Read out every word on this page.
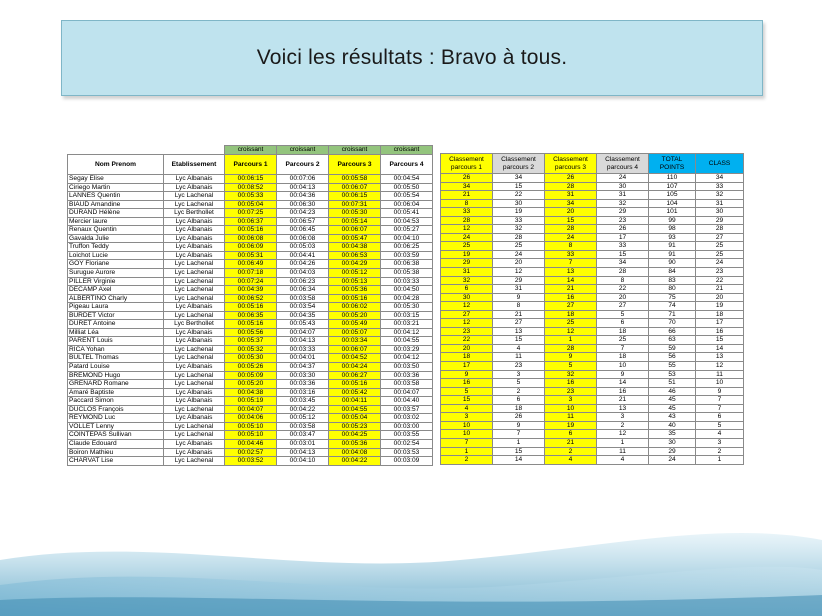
Voici les résultats : Bravo à tous.
		croissant	croissant	croissant	croissant
Nom Prenom	Etablissement	Parcours 1	Parcours 2	Parcours 3	Parcours 4
Segay Elise	Lyc Albanais	00:06:15	00:07:06	00:05:58	00:04:54
Ciriego Martin	Lyc Albanais	00:08:52	00:04:13	00:06:07	00:05:50
LANNES Quentin	Lyc Lachenal	00:05:33	00:04:36	00:06:15	00:05:54
BIAUD Amandine	Lyc Lachenal	00:05:04	00:06:30	00:07:31	00:06:04
DURAND Hélène	Lyc Berthollet	00:07:25	00:04:23	00:05:30	00:05:41
Mercier laure	Lyc Albanais	00:06:37	00:06:57	00:05:14	00:04:53
Renaux Quentin	Lyc Albanais	00:05:16	00:06:45	00:06:07	00:05:27
Gavalda Julie	Lyc Albanais	00:06:08	00:06:08	00:05:47	00:04:10
Truffon Teddy	Lyc Albanais	00:06:09	00:05:03	00:04:38	00:06:25
Loichot Lucie	Lyc Albanais	00:05:31	00:04:41	00:06:53	00:03:59
GOY Floriane	Lyc Lachenal	00:06:49	00:04:26	00:04:29	00:06:38
Surugue Aurore	Lyc Lachenal	00:07:18	00:04:03	00:05:12	00:05:38
PILLER Virginie	Lyc Lachenal	00:07:24	00:06:23	00:05:13	00:03:33
DECAMP Axel	Lyc Lachenal	00:04:39	00:06:34	00:05:36	00:04:50
ALBERTINO Charly	Lyc Lachenal	00:06:52	00:03:58	00:05:16	00:04:28
Pigeau Laura	Lyc Albanais	00:05:16	00:03:54	00:06:02	00:05:30
BURDET Victor	Lyc Lachenal	00:06:35	00:04:35	00:05:20	00:03:15
DURET Antoine	Lyc Berthollet	00:05:16	00:05:43	00:05:49	00:03:21
Milliat Léa	Lyc Albanais	00:05:56	00:04:07	00:05:07	00:04:12
PARENT Louis	Lyc Albanais	00:05:37	00:04:13	00:03:34	00:04:55
RICA Yohan	Lyc Lachenal	00:05:32	00:03:33	00:06:07	00:03:29
BULTEL Thomas	Lyc Lachenal	00:05:30	00:04:01	00:04:52	00:04:12
Patard Louise	Lyc Albanais	00:05:26	00:04:37	00:04:24	00:03:50
BREMOND Hugo	Lyc Lachenal	00:05:09	00:03:30	00:06:27	00:03:36
GRENARD Romane	Lyc Lachenal	00:05:20	00:03:36	00:05:16	00:03:58
Amaré Baptiste	Lyc Albanais	00:04:38	00:03:16	00:05:42	00:04:07
Paccard Simon	Lyc Albanais	00:05:19	00:03:45	00:04:11	00:04:40
DUCLOS François	Lyc Lachenal	00:04:07	00:04:22	00:04:55	00:03:57
REYMOND Luc	Lyc Albanais	00:04:06	00:05:12	00:05:04	00:03:02
VOLLET Lenny	Lyc Lachenal	00:05:10	00:03:58	00:05:23	00:03:00
COINTEPAS Sullivan	Lyc Lachenal	00:05:10	00:03:47	00:04:25	00:03:55
Claude Edouard	Lyc Albanais	00:04:46	00:03:01	00:05:36	00:02:54
Boiron Mathieu	Lyc Albanais	00:02:57	00:04:13	00:04:08	00:03:53
CHARVAT Lise	Lyc Lachenal	00:03:52	00:04:10	00:04:22	00:03:09

Classement parcours 1	Classement parcours 2	Classement parcours 3	Classement parcours 4	TOTAL POINTS	CLASS
26	34	26	24	110	34
34	15	28	30	107	33
21	22	31	31	105	32
8	30	34	32	104	31
33	19	20	29	101	30
28	33	15	23	99	29
12	32	28	26	98	28
24	28	24	17	93	27
25	25	8	33	91	25
19	24	33	15	91	25
29	20	7	34	90	24
31	12	13	28	84	23
32	29	14	8	83	22
6	31	21	22	80	21
30	9	16	20	75	20
12	8	27	27	74	19
27	21	18	5	71	18
12	27	25	6	70	17
23	13	12	18	66	16
22	15	1	25	63	15
20	4	28	7	59	14
18	11	9	18	56	13
17	23	5	10	55	12
9	3	32	9	53	11
16	5	16	14	51	10
5	2	23	16	46	9
15	6	3	21	45	7
4	18	10	13	45	7
3	26	11	3	43	6
10	9	19	2	40	5
10	7	6	12	35	4
7	1	21	1	30	3
1	15	2	11	29	2
2	14	4	4	24	1
